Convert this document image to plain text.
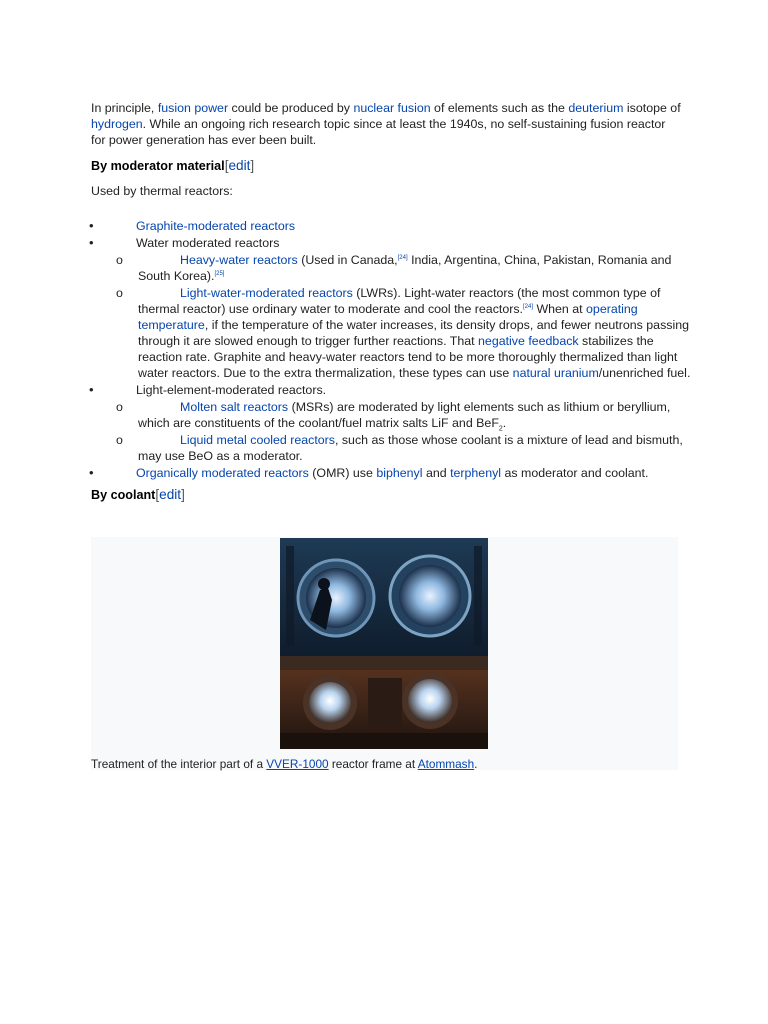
In principle, fusion power could be produced by nuclear fusion of elements such as the deuterium isotope of hydrogen. While an ongoing rich research topic since at least the 1940s, no self-sustaining fusion reactor for power generation has ever been built.

By moderator material[edit]

Used by thermal reactors:

•	Graphite-moderated reactors
•	Water moderated reactors
o	Heavy-water reactors (Used in Canada,[24] India, Argentina, China, Pakistan, Romania and South Korea).[25]
o	Light-water-moderated reactors (LWRs). Light-water reactors (the most common type of thermal reactor) use ordinary water to moderate and cool the reactors.[24] When at operating temperature, if the temperature of the water increases, its density drops, and fewer neutrons passing through it are slowed enough to trigger further reactions. That negative feedback stabilizes the reaction rate. Graphite and heavy-water reactors tend to be more thoroughly thermalized than light water reactors. Due to the extra thermalization, these types can use natural uranium/unenriched fuel.
•	Light-element-moderated reactors.
o	Molten salt reactors (MSRs) are moderated by light elements such as lithium or beryllium, which are constituents of the coolant/fuel matrix salts LiF and BeF$_2$.
o	Liquid metal cooled reactors, such as those whose coolant is a mixture of lead and bismuth, may use BeO as a moderator.
•	Organically moderated reactors (OMR) use biphenyl and terphenyl as moderator and coolant.
By coolant[edit]
Treatment of the interior part of a VVER-1000 reactor frame at Atommash.
